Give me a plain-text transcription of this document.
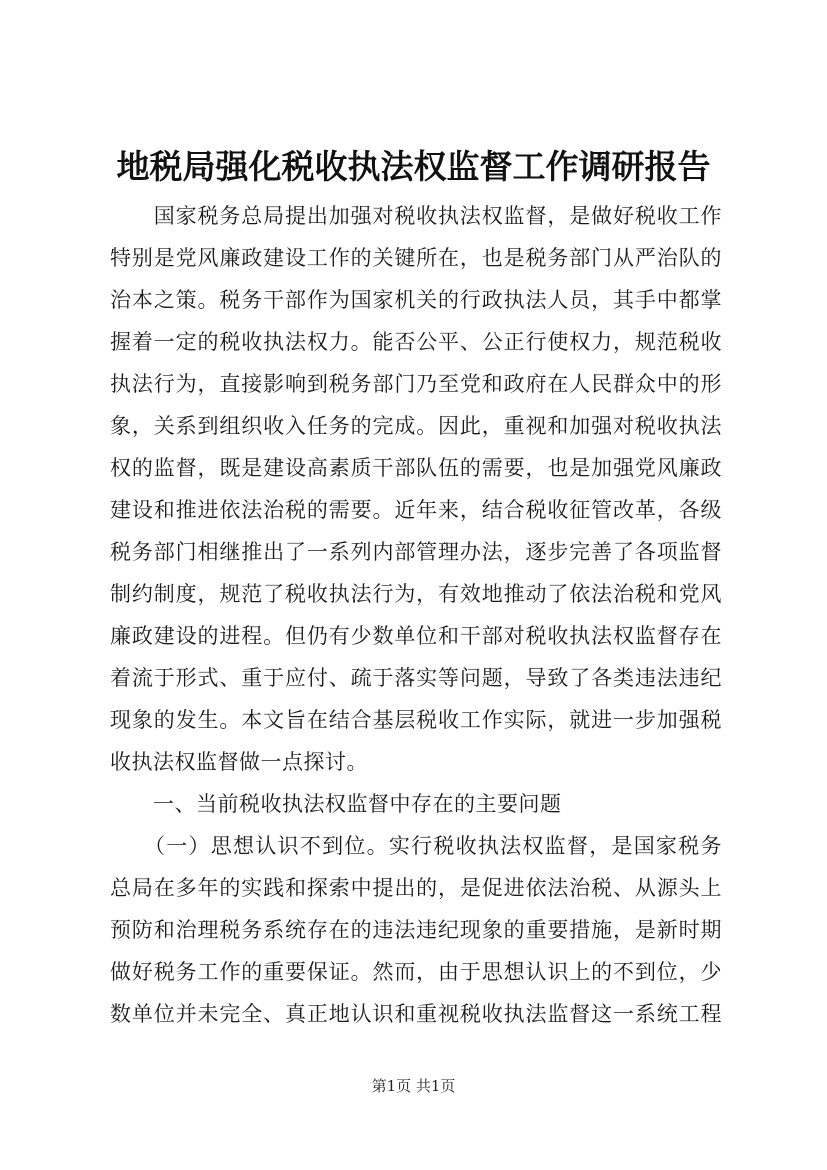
地税局强化税收执法权监督工作调研报告
　　国家税务总局提出加强对税收执法权监督，是做好税收工作
特别是党风廉政建设工作的关键所在，也是税务部门从严治队的
治本之策。税务干部作为国家机关的行政执法人员，其手中都掌
握着一定的税收执法权力。能否公平、公正行使权力，规范税收
执法行为，直接影响到税务部门乃至党和政府在人民群众中的形
象，关系到组织收入任务的完成。因此，重视和加强对税收执法
权的监督，既是建设高素质干部队伍的需要，也是加强党风廉政
建设和推进依法治税的需要。近年来，结合税收征管改革，各级
税务部门相继推出了一系列内部管理办法，逐步完善了各项监督
制约制度，规范了税收执法行为，有效地推动了依法治税和党风
廉政建设的进程。但仍有少数单位和干部对税收执法权监督存在
着流于形式、重于应付、疏于落实等问题，导致了各类违法违纪
现象的发生。本文旨在结合基层税收工作实际，就进一步加强税
收执法权监督做一点探讨。
　　一、当前税收执法权监督中存在的主要问题
　　（一）思想认识不到位。实行税收执法权监督，是国家税务
总局在多年的实践和探索中提出的，是促进依法治税、从源头上
预防和治理税务系统存在的违法违纪现象的重要措施，是新时期
做好税务工作的重要保证。然而，由于思想认识上的不到位，少
数单位并未完全、真正地认识和重视税收执法监督这一系统工程
第1页 共1页
